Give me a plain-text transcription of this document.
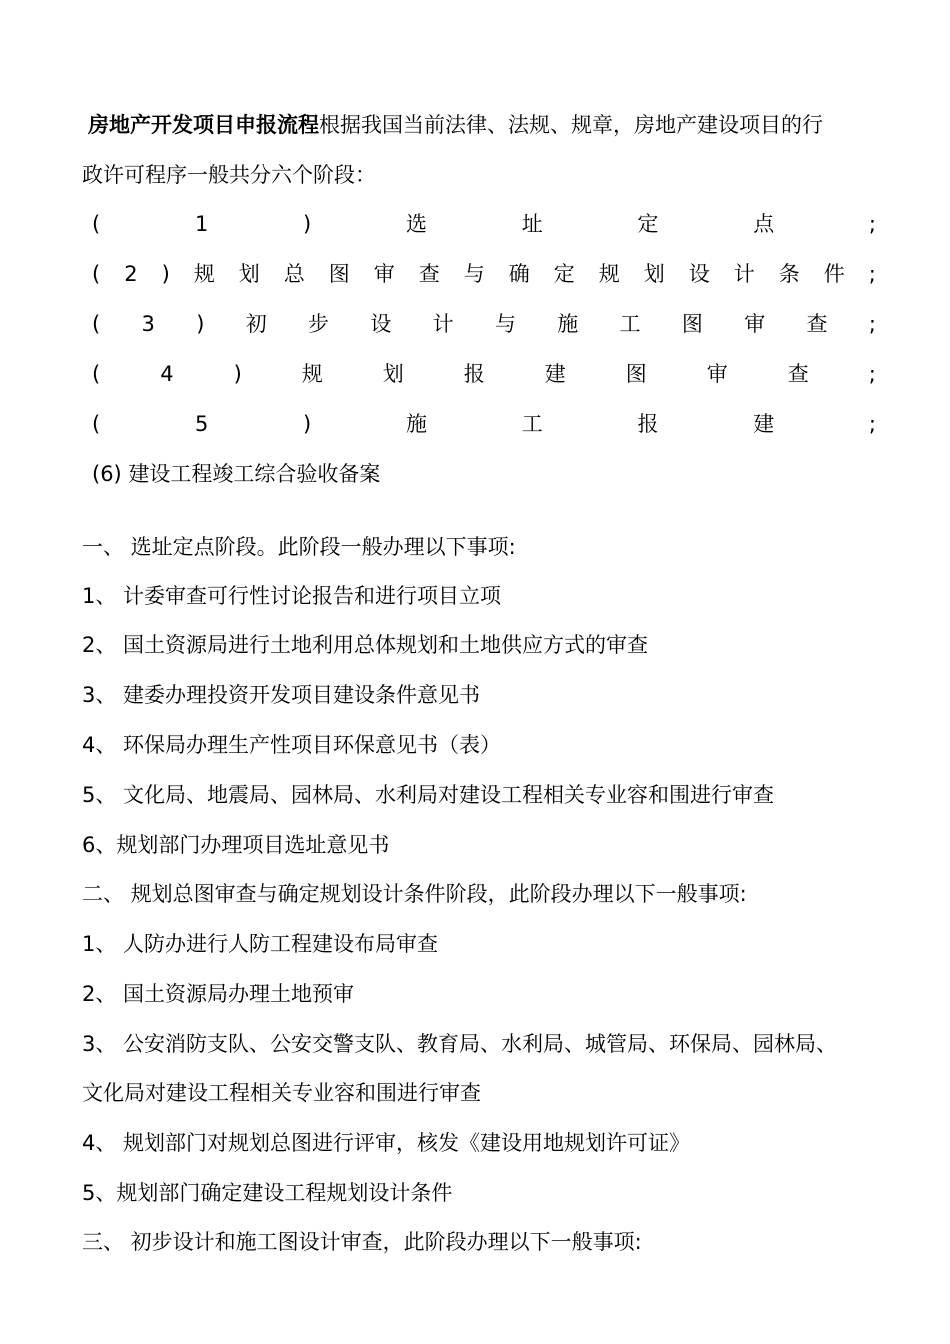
房地产开发项目申报流程根据我国当前法律、法规、规章，房地产建设项目的行
政许可程序一般共分六个阶段：
(	1	)	选	址	定	点	;
( 2 ) 规 划 总 图 审 查 与 确 定 规 划 设 计 条 件 ;
( 3 ) 初 步 设 计 与 施 工 图 审 查 ;
(	4	)	规	划	报	建	图	审	查	;
(	5	)	施	工	报	建	;
(6) 建设工程竣工综合验收备案
一、 选址定点阶段。此阶段一般办理以下事项:
1、 计委审查可行性讨论报告和进行项目立项
2、 国土资源局进行土地利用总体规划和土地供应方式的审查
3、 建委办理投资开发项目建设条件意见书
4、 环保局办理生产性项目环保意见书（表）
5、 文化局、地震局、园林局、水利局对建设工程相关专业容和围进行审查
6、规划部门办理项目选址意见书
二、 规划总图审查与确定规划设计条件阶段，此阶段办理以下一般事项:
1、 人防办进行人防工程建设布局审查
2、 国土资源局办理土地预审
3、 公安消防支队、公安交警支队、教育局、水利局、城管局、环保局、园林局、
文化局对建设工程相关专业容和围进行审查
4、 规划部门对规划总图进行评审，核发《建设用地规划许可证》
5、规划部门确定建设工程规划设计条件
三、 初步设计和施工图设计审查，此阶段办理以下一般事项:
